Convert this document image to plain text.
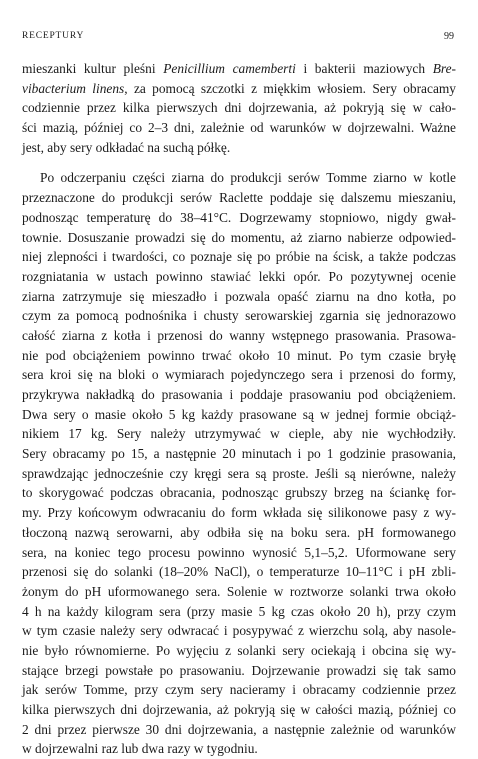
RECEPTURY	99
mieszanki kultur pleśni Penicillium camemberti i bakterii maziowych Bre-
vibacterium linens, za pomocą szczotki z miękkim włosiem. Sery obracamy
codziennie przez kilka pierwszych dni dojrzewania, aż pokryją się w cało-
ści mazią, później co 2–3 dni, zależnie od warunków w dojrzewalni. Ważne
jest, aby sery odkładać na suchą półkę.
Po odczerpaniu części ziarna do produkcji serów Tomme ziarno w kotle
przeznaczone do produkcji serów Raclette poddaje się dalszemu mieszaniu,
podnosząc temperaturę do 38–41°C. Dogrzewamy stopniowo, nigdy gwał-
townie. Dosuszanie prowadzi się do momentu, aż ziarno nabierze odpowied-
niej zlepności i twardości, co poznaje się po próbie na ścisk, a także podczas
rozgniatania w ustach powinno stawiać lekki opór. Po pozytywnej ocenie
ziarna zatrzymuje się mieszadło i pozwala opaść ziarnu na dno kotła, po
czym za pomocą podnośnika i chusty serowarskiej zgarnia się jednorazowo
całość ziarna z kotła i przenosi do wanny wstępnego prasowania. Prasowa-
nie pod obciążeniem powinno trwać około 10 minut. Po tym czasie bryłę
sera kroi się na bloki o wymiarach pojedynczego sera i przenosi do formy,
przykrywa nakładką do prasowania i poddaje prasowaniu pod obciążeniem.
Dwa sery o masie około 5 kg każdy prasowane są w jednej formie obciąż-
nikiem 17 kg. Sery należy utrzymywać w cieple, aby nie wychłodziły.
Sery obracamy po 15, a następnie 20 minutach i po 1 godzinie prasowania,
sprawdzając jednocześnie czy kręgi sera są proste. Jeśli są nierówne, należy
to skorygować podczas obracania, podnosząc grubszy brzeg na ściankę for-
my. Przy końcowym odwracaniu do form wkłada się silikonowe pasy z wy-
tłoczoną nazwą serowarni, aby odbiła się na boku sera. pH formowanego
sera, na koniec tego procesu powinno wynosić 5,1–5,2. Uformowane sery
przenosi się do solanki (18–20% NaCl), o temperaturze 10–11°C i pH zbli-
żonym do pH uformowanego sera. Solenie w roztworze solanki trwa około
4 h na każdy kilogram sera (przy masie 5 kg czas około 20 h), przy czym
w tym czasie należy sery odwracać i posypywać z wierzchu solą, aby nasole-
nie było równomierne. Po wyjęciu z solanki sery ociekają i obcina się wy-
stające brzegi powstałe po prasowaniu. Dojrzewanie prowadzi się tak samo
jak serów Tomme, przy czym sery nacieramy i obracamy codziennie przez
kilka pierwszych dni dojrzewania, aż pokryją się w całości mazią, później co
2 dni przez pierwsze 30 dni dojrzewania, a następnie zależnie od warunków
w dojrzewalni raz lub dwa razy w tygodniu.
